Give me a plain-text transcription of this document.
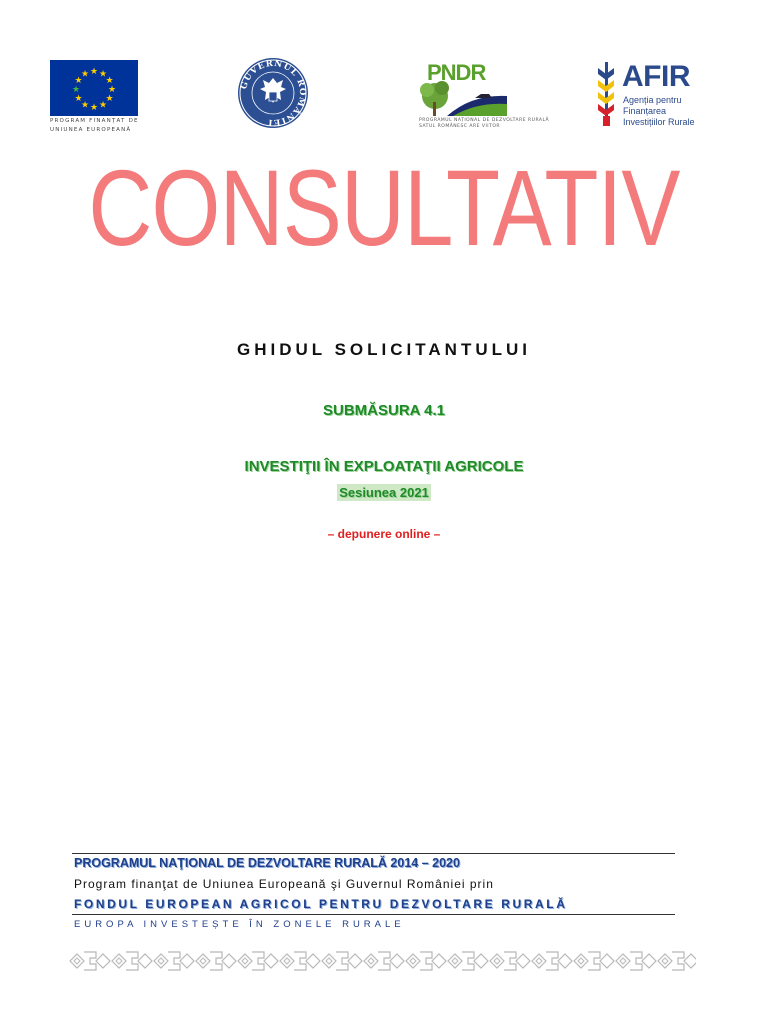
★ ★
★
★
★
★
★
★
★
★
★
★
PROGRAM FINANȚAT DE
UNIUNEA EUROPEANĂ
GUVERNUL ROMÂNIEI
PNDR
PROGRAMUL NAȚIONAL DE DEZVOLTARE RURALĂ
SATUL ROMÂNESC ARE VIITOR
AFIR
Agenția pentru Finanțarea
Investițiilor Rurale
CONSULTATIV
GHIDUL SOLICITANTULUI
SUBMĂSURA 4.1
INVESTIŢII ÎN EXPLOATAŢII AGRICOLE
Sesiunea 2021
– depunere online –
PROGRAMUL NAŢIONAL DE DEZVOLTARE RURALĂ 2014 – 2020
Program finanţat de Uniunea Europeană şi Guvernul României prin
FONDUL EUROPEAN AGRICOL PENTRU DEZVOLTARE RURALĂ
EUROPA INVESTEȘTE ÎN ZONELE RURALE
